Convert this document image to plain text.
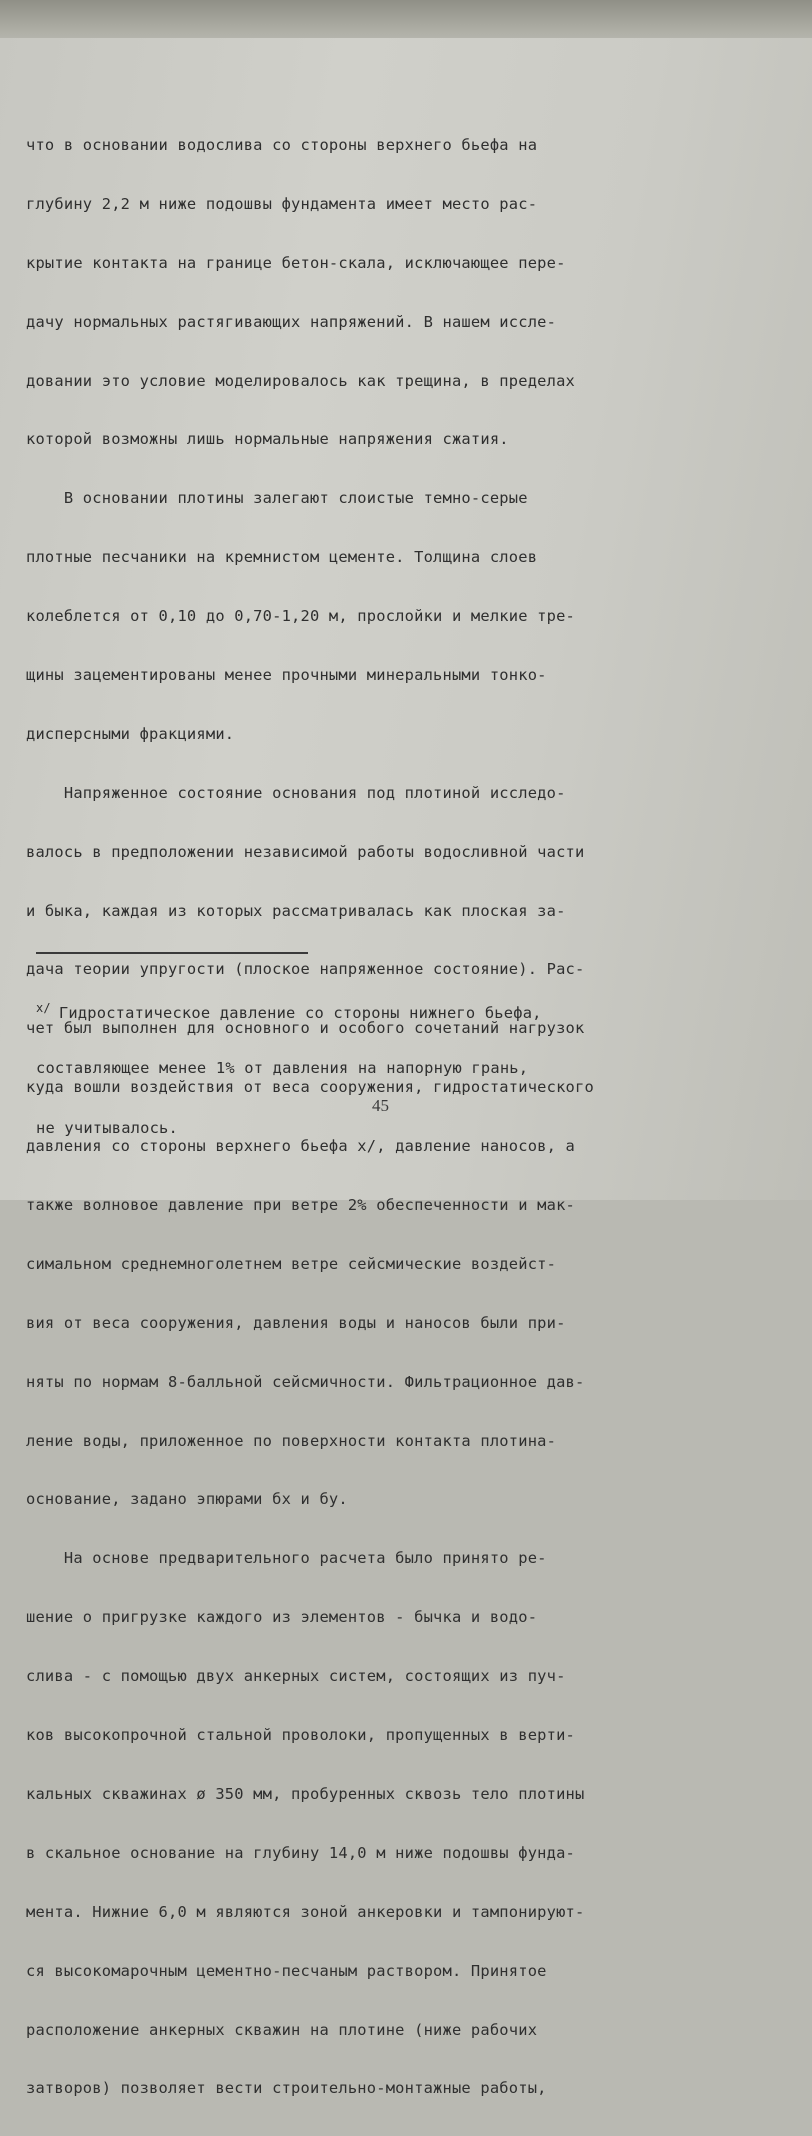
что в основании водослива со стороны верхнего бьефа на

глубину 2,2 м ниже подошвы фундамента имеет место рас-

крытие контакта на границе бетон-скала, исключающее пере-

дачу нормальных растягивающих напряжений. В нашем иссле-

довании это условие моделировалось как трещина, в пределах

которой возможны лишь нормальные напряжения сжатия.

В основании плотины залегают слоистые темно-серые

плотные песчаники на кремнистом цементе. Толщина слоев

колеблется от 0,10 до 0,70-1,20 м, прослойки и мелкие тре-

щины зацементированы менее прочными минеральными тонко-

дисперсными фракциями.

Напряженное состояние основания под плотиной исследо-

валось в предположении независимой работы водосливной части

и быка, каждая из которых рассматривалась как плоская за-

дача теории упругости (плоское напряженное состояние). Рас-

чет был выполнен для основного и особого сочетаний нагрузок

куда вошли воздействия от веса сооружения, гидростатического

давления со стороны верхнего бьефа x/, давление наносов, а

также волновое давление при ветре 2% обеспеченности и мак-

симальном среднемноголетнем ветре сейсмические воздейст-

вия от веса сооружения, давления воды и наносов были при-

няты по нормам 8-балльной сейсмичности. Фильтрационное дав-

ление воды, приложенное по поверхности контакта плотина-

основание, задано эпюрами бx и бy.

На основе предварительного расчета было принято ре-

шение о пригрузке каждого из элементов - бычка и водо-

слива - с помощью двух анкерных систем, состоящих из пуч-

ков высокопрочной стальной проволоки, пропущенных в верти-

кальных скважинах ø 350 мм, пробуренных сквозь тело плотины

в скальное основание на глубину 14,0 м ниже подошвы фунда-

мента. Нижние 6,0 м являются зоной анкеровки и тампонируют-

ся высокомарочным цементно-песчаным раствором. Принятое

расположение анкерных скважин на плотине (ниже рабочих

затворов) позволяет вести строительно-монтажные работы,

x/ Гидростатическое давление со стороны нижнего бьефа,

составляющее менее 1% от давления на напорную грань,

не учитывалось.

45
